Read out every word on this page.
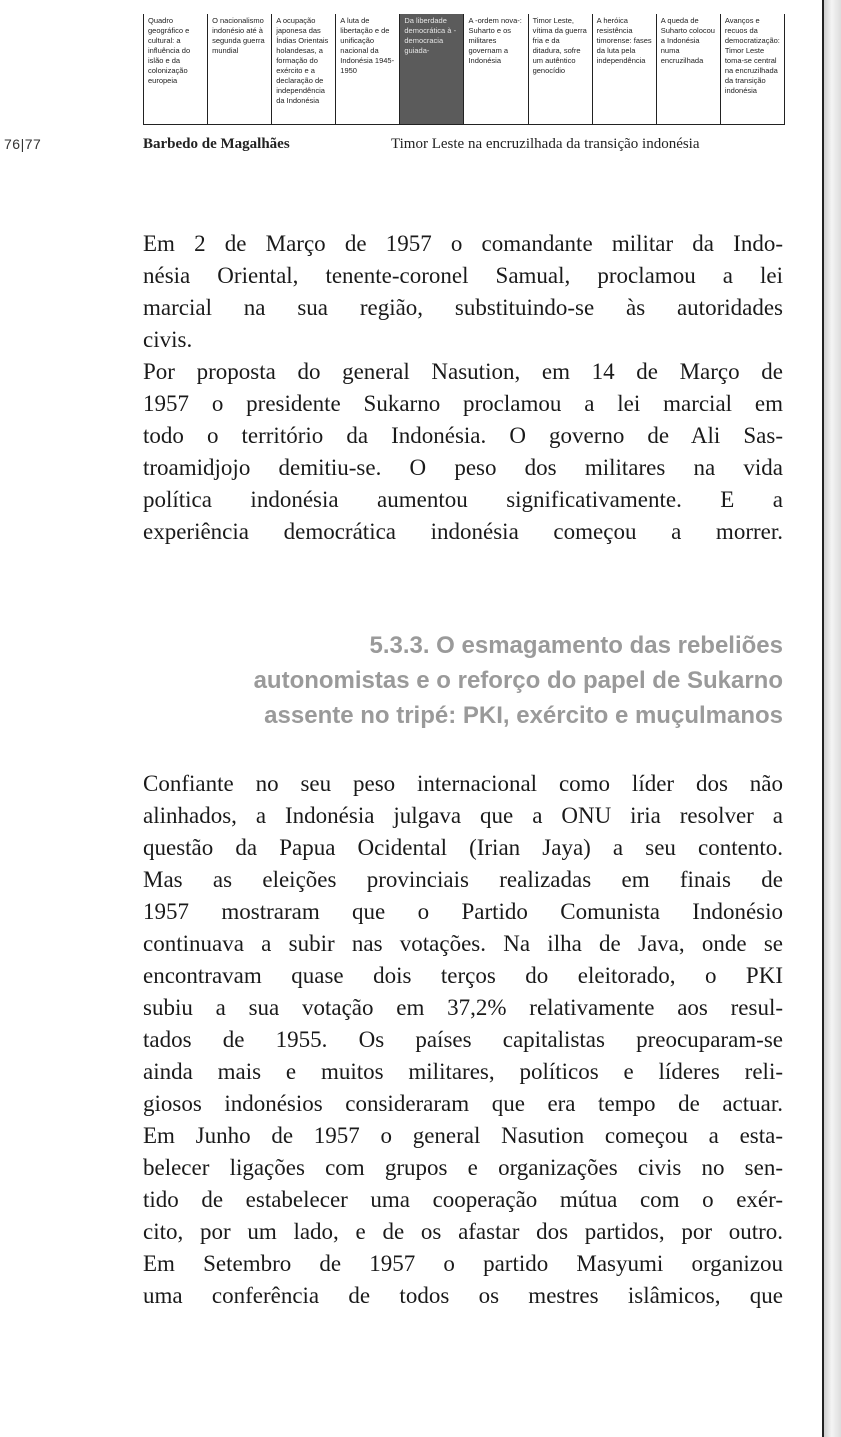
Quadro geográfico e cultural: a influência do islão e da colonização europeia
O nacionalismo indonésio até à segunda guerra mundial
A ocupação japonesa das Índias Orientais holandesas, a formação do exército e a declaração de independência da Indonésia
A luta de libertação e de unificação nacional da Indonésia 1945-1950
Da liberdade democrática à -democracia guiada-
A -ordem nova-: Suharto e os militares governam a Indonésia
Timor Leste, vítima da guerra fria e da ditadura, sofre um autêntico genocídio
A heróica resistência timorense: fases da luta pela independência
A queda de Suharto colocou a Indonésia numa encruzilhada
Avanços e recuos da democratização: Timor Leste toma-se central na encruzilhada da transição indonésia
76|77	Barbedo de Magalhães	Timor Leste na encruzilhada da transição indonésia

Em 2 de Março de 1957 o comandante militar da Indo-
nésia Oriental, tenente-coronel Samual, proclamou a lei
marcial na sua região, substituindo-se às autoridades
civis.
Por proposta do general Nasution, em 14 de Março de
1957 o presidente Sukarno proclamou a lei marcial em
todo o território da Indonésia. O governo de Ali Sas-
troamidjojo demitiu-se. O peso dos militares na vida
política indonésia aumentou significativamente. E a
experiência democrática indonésia começou a morrer.

5.3.3. O esmagamento das rebeliões
autonomistas e o reforço do papel de Sukarno
assente no tripé: PKI, exército e muçulmanos

Confiante no seu peso internacional como líder dos não
alinhados, a Indonésia julgava que a ONU iria resolver a
questão da Papua Ocidental (Irian Jaya) a seu contento.
Mas as eleições provinciais realizadas em finais de
1957 mostraram que o Partido Comunista Indonésio
continuava a subir nas votações. Na ilha de Java, onde se
encontravam quase dois terços do eleitorado, o PKI
subiu a sua votação em 37,2% relativamente aos resul-
tados de 1955. Os países capitalistas preocuparam-se
ainda mais e muitos militares, políticos e líderes reli-
giosos indonésios consideraram que era tempo de actuar.
Em Junho de 1957 o general Nasution começou a esta-
belecer ligações com grupos e organizações civis no sen-
tido de estabelecer uma cooperação mútua com o exér-
cito, por um lado, e de os afastar dos partidos, por outro.
Em Setembro de 1957 o partido Masyumi organizou
uma conferência de todos os mestres islâmicos, que
